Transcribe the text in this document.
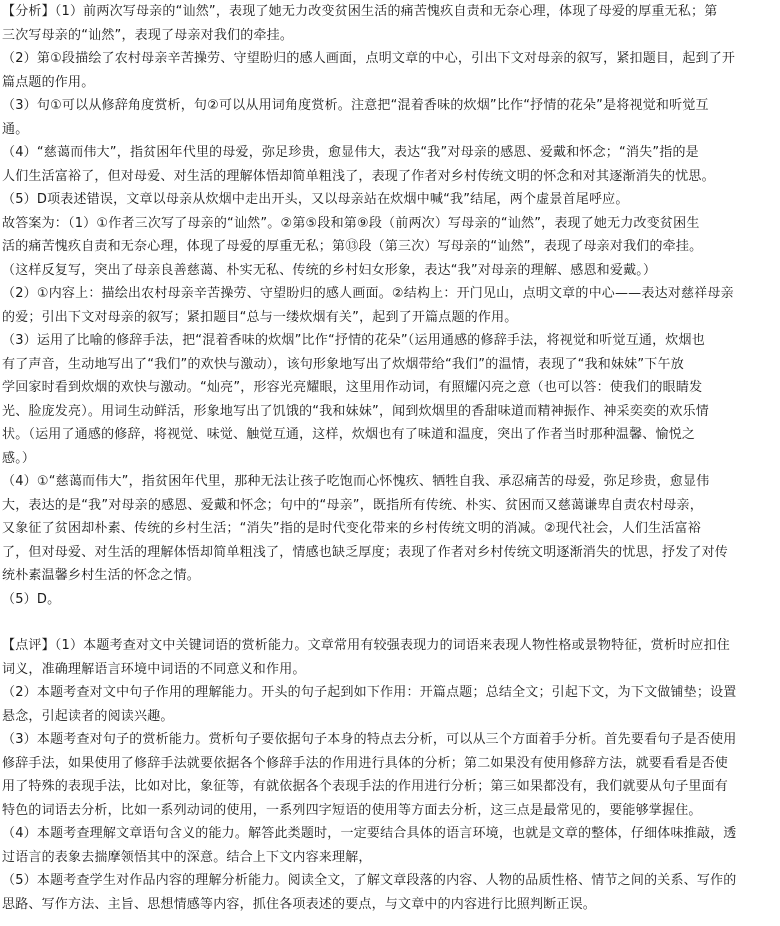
【分析】（1）前两次写母亲的“讪然”，表现了她无力改变贫困生活的痛苦愧疚自责和无奈心理，体现了母爱的厚重无私；第
三次写母亲的“讪然”，表现了母亲对我们的牵挂。
（2）第①段描绘了农村母亲辛苦操劳、守望盼归的感人画面，点明文章的中心，引出下文对母亲的叙写，紧扣题目，起到了开
篇点题的作用。
（3）句①可以从修辞角度赏析，句②可以从用词角度赏析。注意把“混着香味的炊烟”比作“抒情的花朵”是将视觉和听觉互
通。
（4）“慈蔼而伟大”，指贫困年代里的母爱，弥足珍贵，愈显伟大，表达“我”对母亲的感恩、爱戴和怀念；“消失”指的是
人们生活富裕了，但对母爱、对生活的理解体悟却简单粗浅了，表现了作者对乡村传统文明的怀念和对其逐渐消失的忧思。
（5）D项表述错误，文章以母亲从炊烟中走出开头，又以母亲站在炊烟中喊“我”结尾，两个虚景首尾呼应。
故答案为：（1）①作者三次写了母亲的“讪然”。②第⑤段和第⑨段（前两次）写母亲的“讪然”，表现了她无力改变贫困生
活的痛苦愧疚自责和无奈心理，体现了母爱的厚重无私；第⑬段（第三次）写母亲的“讪然”，表现了母亲对我们的牵挂。
（这样反复写，突出了母亲良善慈蔼、朴实无私、传统的乡村妇女形象，表达“我”对母亲的理解、感恩和爱戴。）
（2）①内容上：描绘出农村母亲辛苦操劳、守望盼归的感人画面。②结构上：开门见山，点明文章的中心——表达对慈祥母亲
的爱；引出下文对母亲的叙写；紧扣题目“总与一缕炊烟有关”，起到了开篇点题的作用。
（3）运用了比喻的修辞手法，把“混着香味的炊烟”比作“抒情的花朵”（运用通感的修辞手法，将视觉和听觉互通，炊烟也
有了声音，生动地写出了“我们”的欢快与激动），该句形象地写出了炊烟带给“我们”的温情，表现了“我和妹妹”下午放
学回家时看到炊烟的欢快与激动。“灿亮”，形容光亮耀眼，这里用作动词，有照耀闪亮之意（也可以答：使我们的眼睛发
光、脸庞发亮）。用词生动鲜活，形象地写出了饥饿的“我和妹妹”，闻到炊烟里的香甜味道而精神振作、神采奕奕的欢乐情
状。（运用了通感的修辞，将视觉、味觉、触觉互通，这样，炊烟也有了味道和温度，突出了作者当时那种温馨、愉悦之
感。）
（4）①“慈蔼而伟大”，指贫困年代里，那种无法让孩子吃饱而心怀愧疚、牺牲自我、承忍痛苦的母爱，弥足珍贵，愈显伟
大，表达的是“我”对母亲的感恩、爱戴和怀念；句中的“母亲”，既指所有传统、朴实、贫困而又慈蔼谦卑自责农村母亲，
又象征了贫困却朴素、传统的乡村生活；“消失”指的是时代变化带来的乡村传统文明的消减。②现代社会，人们生活富裕
了，但对母爱、对生活的理解体悟却简单粗浅了，情感也缺乏厚度；表现了作者对乡村传统文明逐渐消失的忧思，抒发了对传
统朴素温馨乡村生活的怀念之情。
（5）D。
【点评】（1）本题考查对文中关键词语的赏析能力。文章常用有较强表现力的词语来表现人物性格或景物特征，赏析时应扣住
词义，准确理解语言环境中词语的不同意义和作用。
（2）本题考查对文中句子作用的理解能力。开头的句子起到如下作用：开篇点题；总结全文；引起下文，为下文做铺垫；设置
悬念，引起读者的阅读兴趣。
（3）本题考查对句子的赏析能力。赏析句子要依据句子本身的特点去分析，可以从三个方面着手分析。首先要看句子是否使用
修辞手法，如果使用了修辞手法就要依据各个修辞手法的作用进行具体的分析；第二如果没有使用修辞方法，就要看看是否使
用了特殊的表现手法，比如对比，象征等，有就依据各个表现手法的作用进行分析；第三如果都没有，我们就要从句子里面有
特色的词语去分析，比如一系列动词的使用，一系列四字短语的使用等方面去分析，这三点是最常见的，要能够掌握住。
（4）本题考查理解文章语句含义的能力。解答此类题时，一定要结合具体的语言环境，也就是文章的整体，仔细体味推敲，透
过语言的表象去揣摩领悟其中的深意。结合上下文内容来理解，
（5）本题考查学生对作品内容的理解分析能力。阅读全文，了解文章段落的内容、人物的品质性格、情节之间的关系、写作的
思路、写作方法、主旨、思想情感等内容，抓住各项表述的要点，与文章中的内容进行比照判断正误。
